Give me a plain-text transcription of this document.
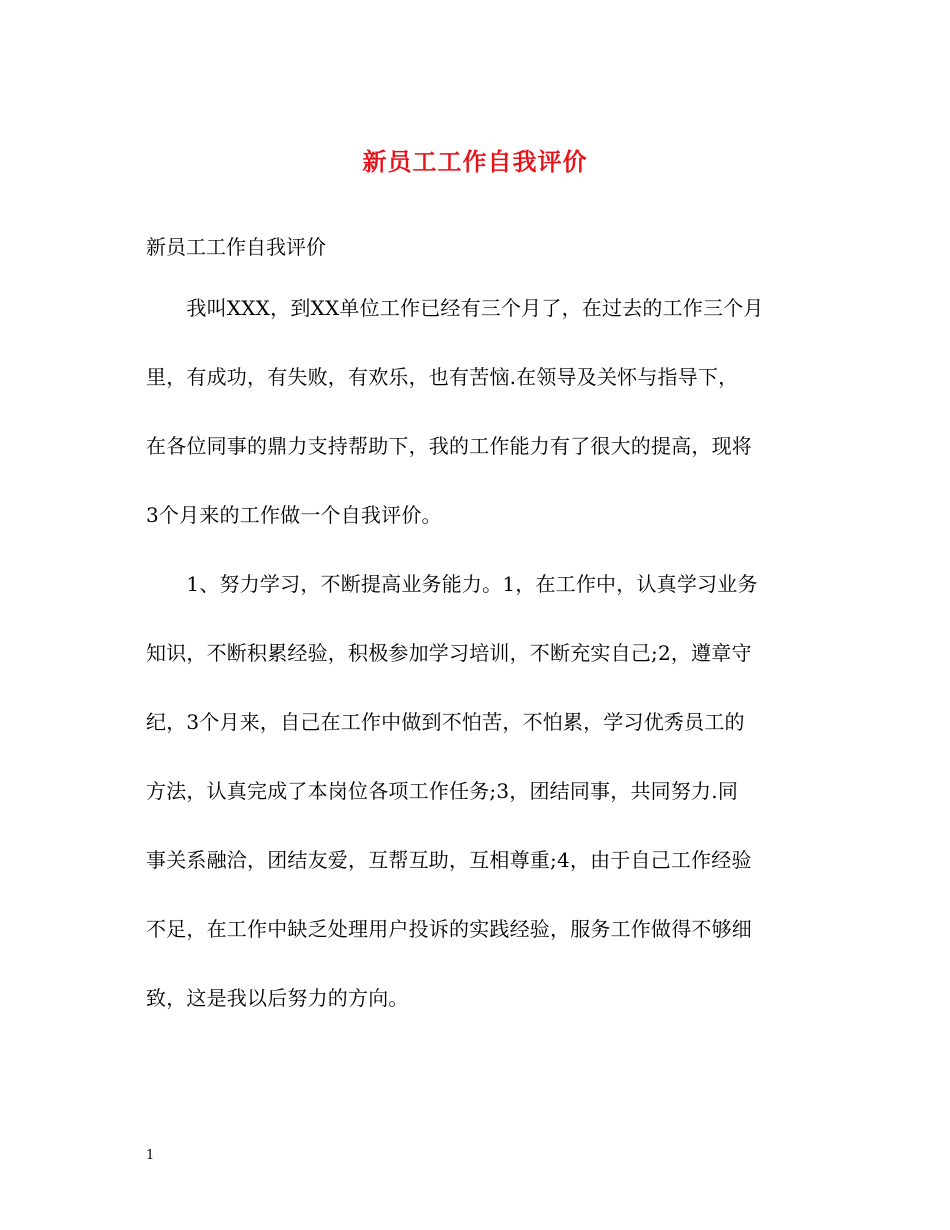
新员工工作自我评价
新员工工作自我评价
　　我叫XXX，到XX单位工作已经有三个月了，在过去的工作三个月
里，有成功，有失败，有欢乐，也有苦恼.在领导及关怀与指导下，
在各位同事的鼎力支持帮助下，我的工作能力有了很大的提高，现将
3个月来的工作做一个自我评价。
　　1、努力学习，不断提高业务能力。1，在工作中，认真学习业务
知识，不断积累经验，积极参加学习培训，不断充实自己;2，遵章守
纪，3个月来，自己在工作中做到不怕苦，不怕累，学习优秀员工的
方法，认真完成了本岗位各项工作任务;3，团结同事，共同努力.同
事关系融洽，团结友爱，互帮互助，互相尊重;4，由于自己工作经验
不足，在工作中缺乏处理用户投诉的实践经验，服务工作做得不够细
致，这是我以后努力的方向。
1
